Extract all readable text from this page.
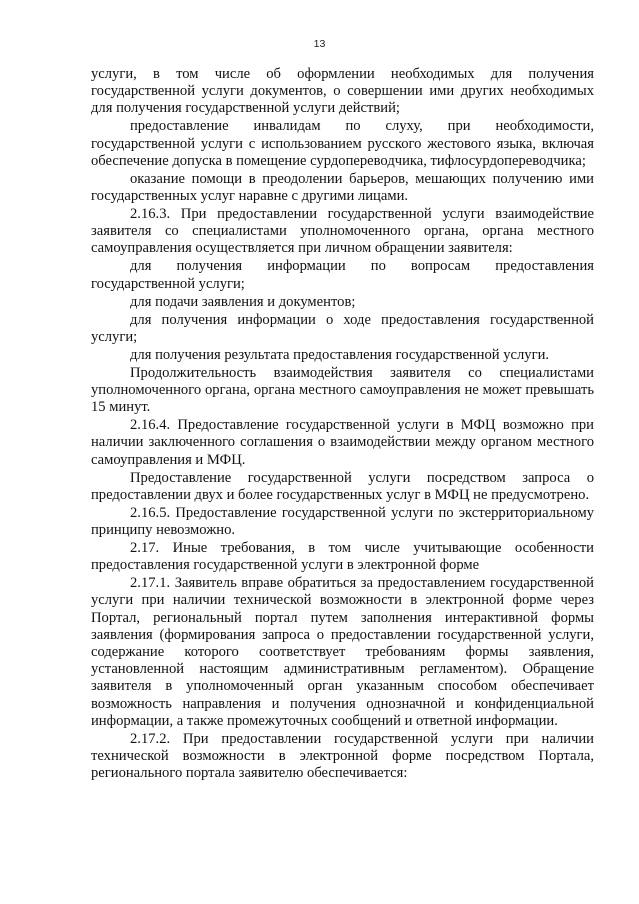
13

услуги, в том числе об оформлении необходимых для получения государственной услуги документов, о совершении ими других необходимых для получения государственной услуги действий;

предоставление инвалидам по слуху, при необходимости, государственной услуги с использованием русского жестового языка, включая обеспечение допуска в помещение сурдопереводчика, тифлосурдопереводчика;

оказание помощи в преодолении барьеров, мешающих получению ими государственных услуг наравне с другими лицами.

2.16.3. При предоставлении государственной услуги взаимодействие заявителя со специалистами уполномоченного органа, органа местного самоуправления осуществляется при личном обращении заявителя:

для получения информации по вопросам предоставления государственной услуги;

для подачи заявления и документов;

для получения информации о ходе предоставления государственной услуги;

для получения результата предоставления государственной услуги.

Продолжительность взаимодействия заявителя со специалистами уполномоченного органа, органа местного самоуправления не может превышать 15 минут.

2.16.4. Предоставление государственной услуги в МФЦ возможно при наличии заключенного соглашения о взаимодействии между органом местного самоуправления и МФЦ.

Предоставление государственной услуги посредством запроса о предоставлении двух и более государственных услуг в МФЦ не предусмотрено.

2.16.5. Предоставление государственной услуги по экстерриториальному принципу невозможно.

2.17. Иные требования, в том числе учитывающие особенности предоставления государственной услуги в электронной форме

2.17.1. Заявитель вправе обратиться за предоставлением государственной услуги при наличии технической возможности в электронной форме через Портал, региональный портал путем заполнения интерактивной формы заявления (формирования запроса о предоставлении государственной услуги, содержание которого соответствует требованиям формы заявления, установленной настоящим административным регламентом). Обращение заявителя в уполномоченный орган указанным способом обеспечивает возможность направления и получения однозначной и конфиденциальной информации, а также промежуточных сообщений и ответной информации.

2.17.2. При предоставлении государственной услуги при наличии технической возможности в электронной форме посредством Портала, регионального портала заявителю обеспечивается:
